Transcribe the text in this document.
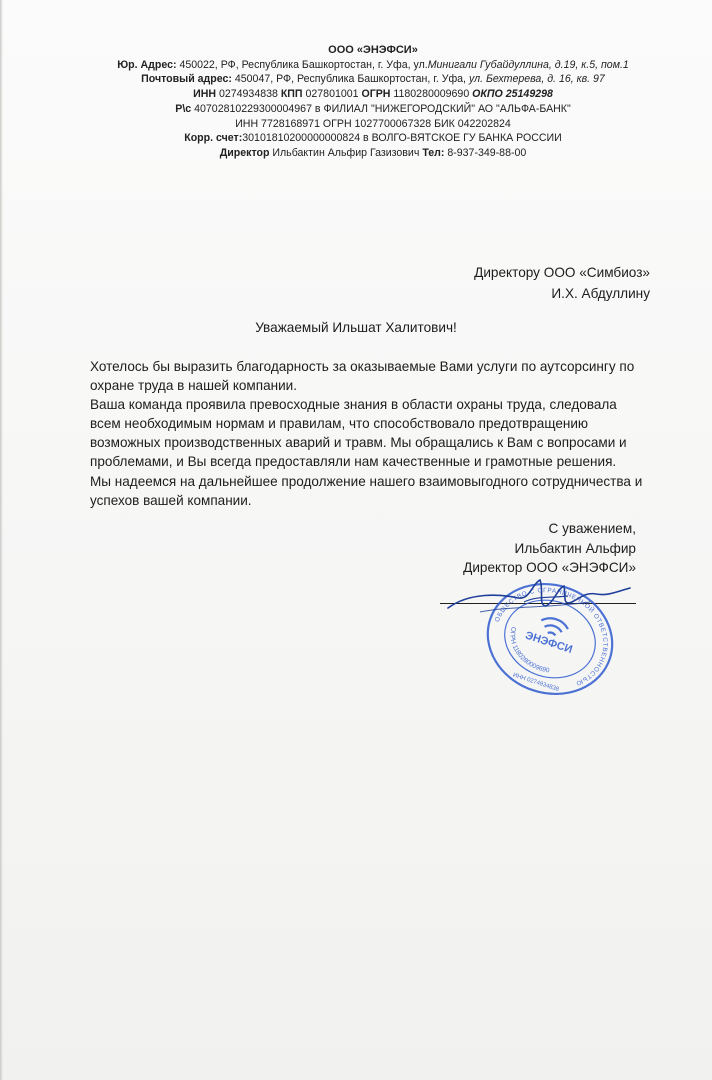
ООО «ЭНЭФСИ»
Юр. Адрес: 450022, РФ, Республика Башкортостан, г. Уфа, ул.Минигали Губайдуллина, д.19, к.5, пом.1
Почтовый адрес: 450047, РФ, Республика Башкортостан, г. Уфа, ул. Бехтерева, д. 16, кв. 97
ИНН 0274934838 КПП 027801001 ОГРН 1180280009690 ОКПО 25149298
Р\с 40702810229300004967 в ФИЛИАЛ "НИЖЕГОРОДСКИЙ" АО "АЛЬФА-БАНК"
ИНН 7728168971 ОГРН 1027700067328 БИК 042202824
Корр. счет:30101810200000000824 в ВОЛГО-ВЯТСКОЕ ГУ БАНКА РОССИИ
Директор Ильбактин Альфир Газизович Тел: 8-937-349-88-00
Директору ООО «Симбиоз»
И.Х. Абдуллину
Уважаемый Ильшат Халитович!
Хотелось бы выразить благодарность за оказываемые Вами услуги по аутсорсингу по
охране труда в нашей компании.
Ваша команда проявила превосходные знания в области охраны труда, следовала
всем необходимым нормам и правилам, что способствовало предотвращению
возможных производственных аварий и травм. Мы обращались к Вам с вопросами и
проблемами, и Вы всегда предоставляли нам качественные и грамотные решения.
Мы надеемся на дальнейшее продолжение нашего взаимовыгодного сотрудничества и
успехов вашей компании.
С уважением,
Ильбактин Альфир
Директор ООО «ЭНЭФСИ»
ОБЩЕСТВО С ОГРАНИЧЕННОЙ ОТВЕТСТВЕННОСТЬЮ
ОГРН 1180280009690
ЭНЭФСИ
ИНН 0274934838
